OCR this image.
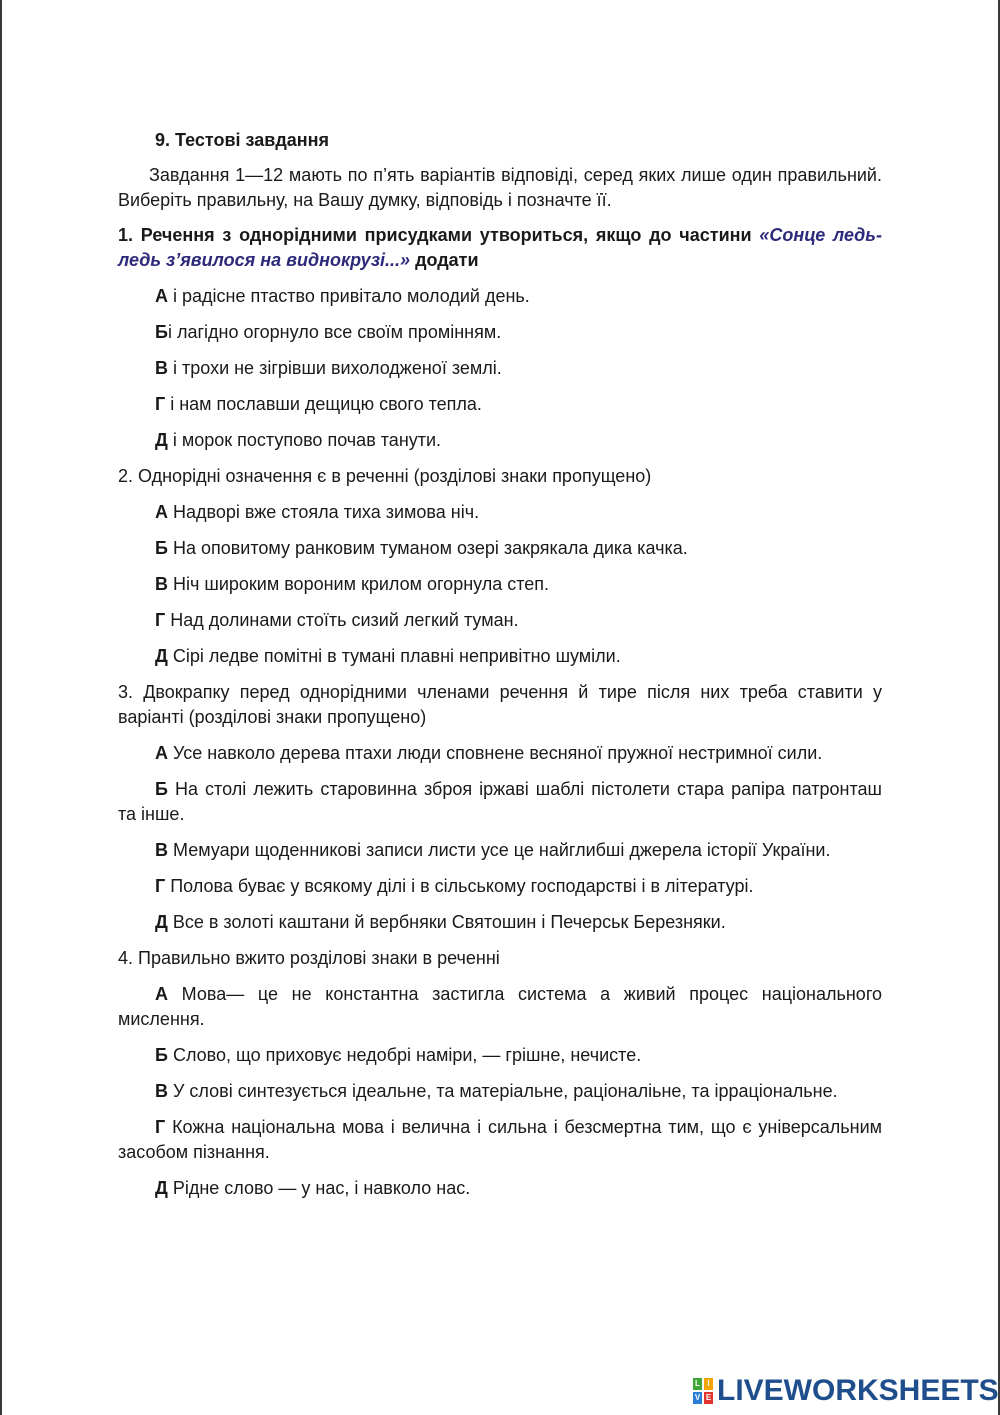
9. Тестові завдання
Завдання 1—12 мають по п’ять варіантів відповіді, серед яких лише один правильний. Виберіть правильну, на Вашу думку, відповідь і позначте її.
1. Речення з однорідними присудками утвориться, якщо до частини «Сонце ледь-ледь з’явилося на виднокрузі...» додати
А і радісне птаство привітало молодий день.
Бі лагідно огорнуло все своїм промінням.
В і трохи не зігрівши вихолодженої землі.
Г і нам пославши дещицю свого тепла.
Д і морок поступово почав танути.
2. Однорідні означення є в реченні (розділові знаки пропущено)
А Надворі вже стояла тиха зимова ніч.
Б На оповитому ранковим туманом озері закрякала дика качка.
В Ніч широким вороним крилом огорнула степ.
Г Над долинами стоїть сизий легкий туман.
Д Сірі ледве помітні в тумані плавні непривітно шуміли.
3. Двокрапку перед однорідними членами речення й тире після них треба ставити у варіанті (розділові знаки пропущено)
А Усе навколо дерева птахи люди сповнене весняної пружної нестримної сили.
Б На столі лежить старовинна зброя іржаві шаблі пістолети стара рапіра патронташ та інше.
В Мемуари щоденникові записи листи усе це найглибші джерела історії України.
Г Полова буває у всякому ділі і в сільському господарстві і в літературі.
Д Все в золоті каштани й вербняки Святошин і Печерськ Березняки.
4. Правильно вжито розділові знаки в реченні
А Мова— це не константна застигла система а живий процес національного мислення.
Б Слово, що приховує недобрі наміри, — грішне, нечисте.
В У слові синтезується ідеальне, та матеріальне, раціоналіьне, та ірраціональне.
Г Кожна національна мова і велична і сильна і безсмертна тим, що є універсальним засобом пізнання.
Д Рідне слово — у нас, і навколо нас.
L I
V E LIVEWORKSHEETS
